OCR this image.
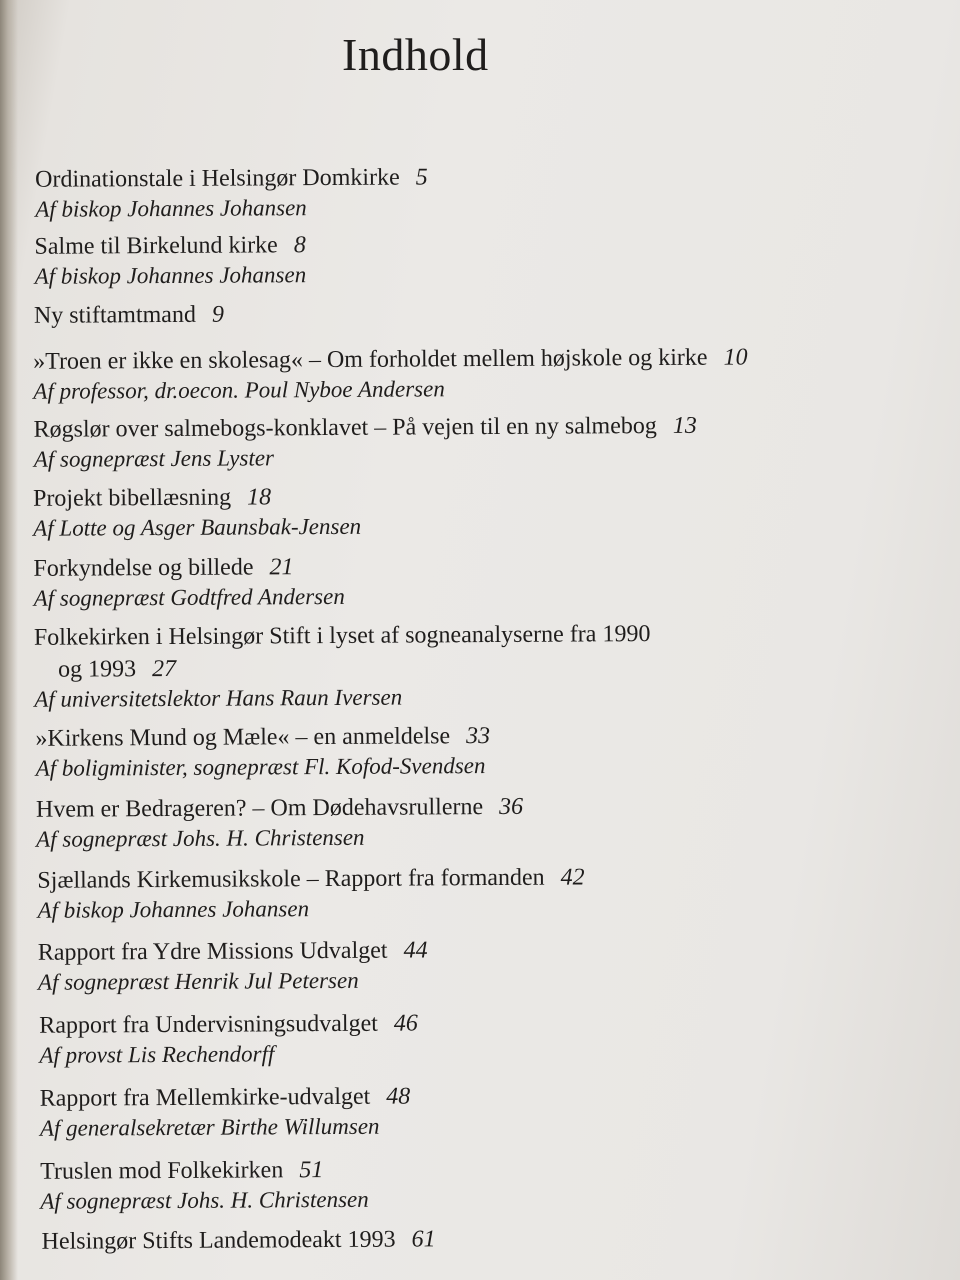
Indhold
Ordinationstale i Helsingør Domkirke 5
Af biskop Johannes Johansen
Salme til Birkelund kirke 8
Af biskop Johannes Johansen
Ny stiftamtmand 9
»Troen er ikke en skolesag« – Om forholdet mellem højskole og kirke 10
Af professor, dr.oecon. Poul Nyboe Andersen
Røgslør over salmebogs-konklavet – På vejen til en ny salmebog 13
Af sognepræst Jens Lyster
Projekt bibellæsning 18
Af Lotte og Asger Baunsbak-Jensen
Forkyndelse og billede 21
Af sognepræst Godtfred Andersen
Folkekirken i Helsingør Stift i lyset af sogneanalyserne fra 1990
og 1993 27
Af universitetslektor Hans Raun Iversen
»Kirkens Mund og Mæle« – en anmeldelse 33
Af boligminister, sognepræst Fl. Kofod-Svendsen
Hvem er Bedrageren? – Om Dødehavsrullerne 36
Af sognepræst Johs. H. Christensen
Sjællands Kirkemusikskole – Rapport fra formanden 42
Af biskop Johannes Johansen
Rapport fra Ydre Missions Udvalget 44
Af sognepræst Henrik Jul Petersen
Rapport fra Undervisningsudvalget 46
Af provst Lis Rechendorff
Rapport fra Mellemkirke-udvalget 48
Af generalsekretær Birthe Willumsen
Truslen mod Folkekirken 51
Af sognepræst Johs. H. Christensen
Helsingør Stifts Landemodeakt 1993 61
